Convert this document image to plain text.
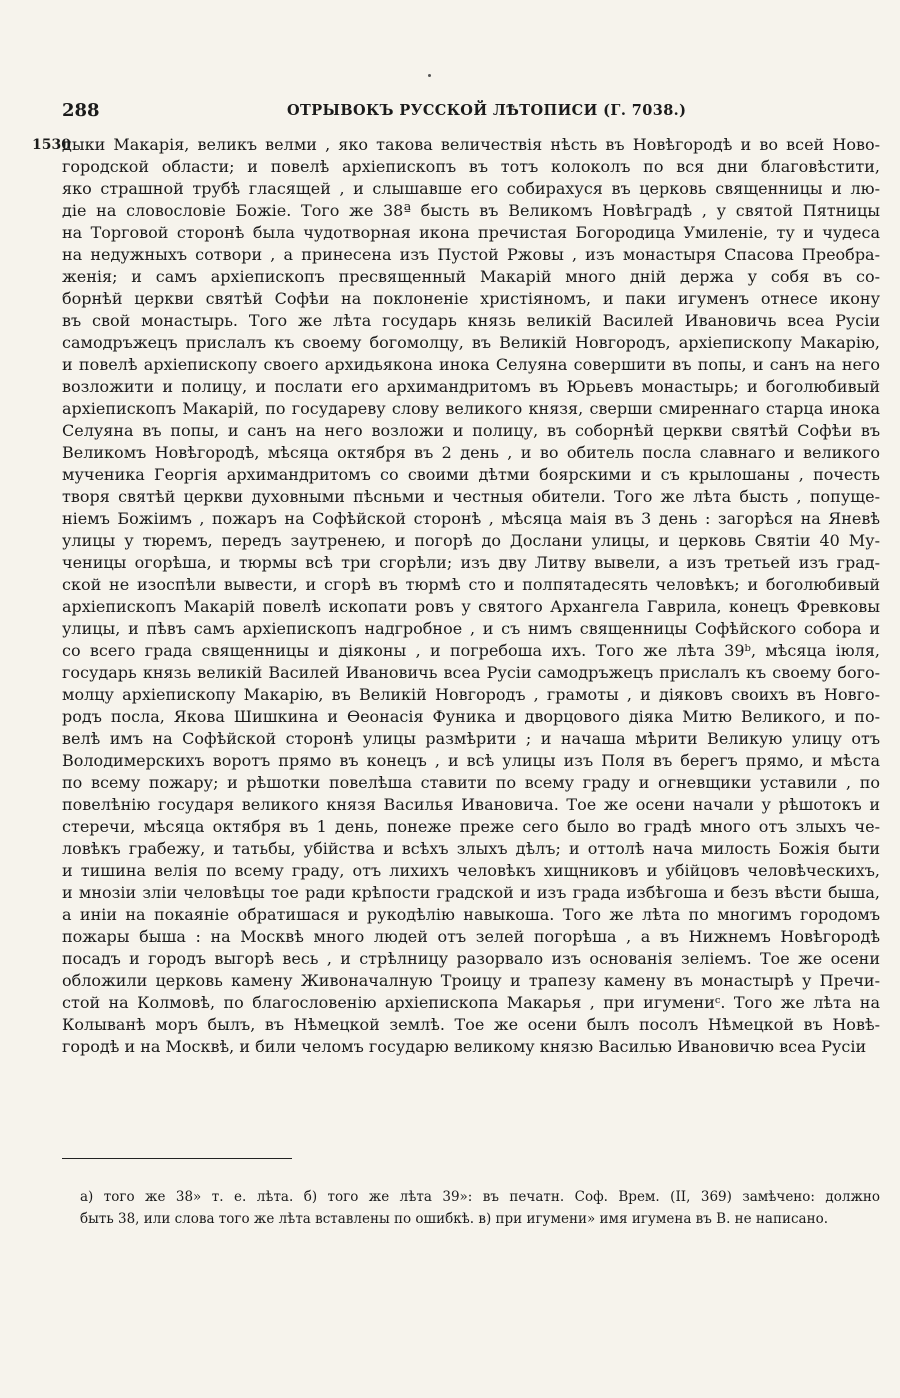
288	ОТРЫВОКЪ РУССКОЙ ЛѢТОПИСИ (Г. 7038.)
1530
дыки Макарія, великъ велми , яко такова величествія нѣсть въ Новѣгородѣ и во всей Ново-
городской области; и повелѣ архіепископъ въ тотъ колоколъ по вся дни благовѣстити,
яко страшной трубѣ гласящей , и слышавше его собирахуся въ церковь священницы и лю-
діе на словословіе Божіе. Того же 38ª бысть въ Великомъ Новѣградѣ , у святой Пятницы
на Торговой сторонѣ была чудотворная икона пречистая Богородица Умиленіе, ту и чудеса
на недужныхъ сотвори , а принесена изъ Пустой Ржовы , изъ монастыря Спасова Преобра-
женія; и самъ архіепископъ пресвященный Макарій много днiй держа у собя въ со-
борнѣй церкви святѣй Софѣи на поклоненіе христіяномъ, и паки игуменъ отнесе икону
въ свой монастырь. Того же лѣта государь князь великiй Василей Ивановичь всеа Русіи
самодръжецъ прислалъ къ своему богомолцу, въ Великiй Новгородъ, архіепископу Макарію,
и повелѣ архіепископу своего архидьякона инока Селуяна совершити въ попы, и санъ на него
возложити и полицу, и послати его архимандритомъ въ Юрьевъ монастырь; и боголюбивый
архіепископъ Макарій, по государеву слову великого князя, сверши смиреннаго старца инока
Селуяна въ попы, и санъ на него возложи и полицу, въ соборнѣй церкви святѣй Софѣи въ
Великомъ Новѣгородѣ, мѣсяца октября въ 2 день , и во обитель посла славнаго и великого
мученика Георгія архимандритомъ со своими дѣтми боярскими и съ крылошаны , почесть
творя святѣй церкви духовными пѣсньми и честныя обители. Того же лѣта бысть , попуще-
ніемъ Божіимъ , пожаръ на Софѣйской сторонѣ , мѣсяца маія въ 3 день : загорѣся на Яневѣ
улицы у тюремъ, передъ заутренею, и погорѣ до Дослани улицы, и церковь Святіи 40 Му-
ченицы огорѣша, и тюрмы всѣ три сгорѣли; изъ дву Литву вывели, а изъ третьей изъ град-
ской не изоспѣли вывести, и сгорѣ въ тюрмѣ сто и полпятадесять человѣкъ; и боголюбивый
архіепископъ Макарій повелѣ ископати ровъ у святого Архангела Гаврила, конецъ Фревковы
улицы, и пѣвъ самъ архіепископъ надгробное , и съ нимъ священницы Софѣйского собора и
со всего града священницы и діяконы , и погребоша ихъ. Того же лѣта 39ᵇ, мѣсяца іюля,
государь князь великiй Василей Ивановичь всеа Русіи самодръжецъ прислалъ къ своему бого-
молцу архіепископу Макарію, въ Великiй Новгородъ , грамоты , и діяковъ своихъ въ Новго-
родъ посла, Якова Шишкина и Өеонасія Фуника и дворцового діяка Митю Великого, и по-
велѣ имъ на Софѣйской сторонѣ улицы размѣрити ; и начаша мѣрити Великую улицу отъ
Володимерскихъ воротъ прямо въ конецъ , и всѣ улицы изъ Поля въ берегъ прямо, и мѣста
по всему пожару; и рѣшотки повелѣша ставити по всему граду и огневщики уставили , по
повелѣнію государя великого князя Василья Ивановича. Тое же осени начали у рѣшотокъ и
стеречи, мѣсяца октября въ 1 день, понеже преже сего было во градѣ много отъ злыхъ че-
ловѣкъ грабежу, и татьбы, убійства и всѣхъ злыхъ дѣлъ; и оттолѣ нача милость Божія быти
и тишина велія по всему граду, отъ лихихъ человѣкъ хищниковъ и убійцовъ человѣческихъ,
и мнозіи зліи человѣцы тое ради крѣпости градской и изъ града избѣгоша и безъ вѣсти быша,
а иніи на покаяніе обратишася и рукодѣлію навыкоша. Того же лѣта по многимъ городомъ
пожары быша : на Москвѣ много людей отъ зелей погорѣша , а въ Нижнемъ Новѣгородѣ
посадъ и городъ выгорѣ весь , и стрѣлницу разорвало изъ основанія зеліемъ. Тое же осени
обложили церковь камену Живоначалную Троицу и трапезу камену въ монастырѣ у Пречи-
стой на Колмовѣ, по благословенію архіепископа Макарья , при игумениᶜ. Того же лѣта на
Колыванѣ моръ былъ, въ Нѣмецкой землѣ. Тое же осени былъ посолъ Нѣмецкой въ Новѣ-
городѣ и на Москвѣ, и били челомъ государю великому князю Василью Ивановичю всеа Русіи
а) того же 38» т. е. лѣта. б) того же лѣта 39»: въ печатн. Соф. Врем. (II, 369) замѣчено: должно
быть 38, или слова того же лѣта вставлены по ошибкѣ. в) при игумени» имя игумена въ В. не написано.
